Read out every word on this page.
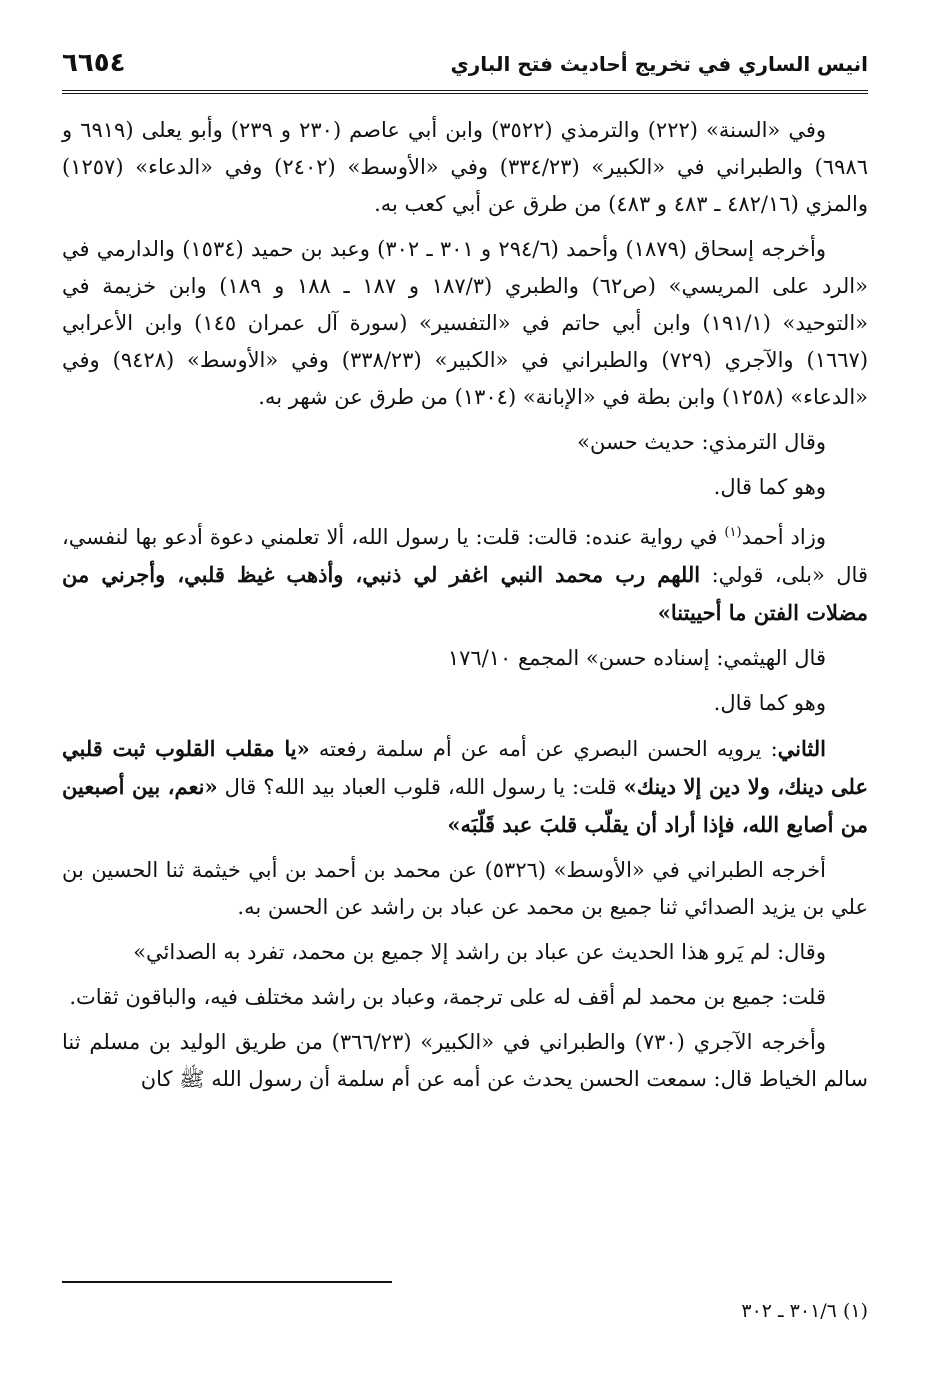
انيس الساري في تخريج أحاديث فتح الباري
٦٦٥٤

وفي «السنة» (٢٢٢) والترمذي (٣٥٢٢) وابن أبي عاصم (٢٣٠ و ٢٣٩) وأبو يعلى (٦٩١٩ و ٦٩٨٦) والطبراني في «الكبير» (٣٣٤/٢٣) وفي «الأوسط» (٢٤٠٢) وفي «الدعاء» (١٢٥٧) والمزي (٤٨٢/١٦ ـ ٤٨٣ و ٤٨٣) من طرق عن أبي كعب به.

وأخرجه إسحاق (١٨٧٩) وأحمد (٢٩٤/٦ و ٣٠١ ـ ٣٠٢) وعبد بن حميد (١٥٣٤) والدارمي في «الرد على المريسي» (ص٦٢) والطبري (١٨٧/٣ و ١٨٧ ـ ١٨٨ و ١٨٩) وابن خزيمة في «التوحيد» (١٩١/١) وابن أبي حاتم في «التفسير» (سورة آل عمران ١٤٥) وابن الأعرابي (١٦٦٧) والآجري (٧٢٩) والطبراني في «الكبير» (٣٣٨/٢٣) وفي «الأوسط» (٩٤٢٨) وفي «الدعاء» (١٢٥٨) وابن بطة في «الإبانة» (١٣٠٤) من طرق عن شهر به.

وقال الترمذي: حديث حسن»

وهو كما قال.

وزاد أحمد$^{(١)}$ في رواية عنده: قالت: قلت: يا رسول الله، ألا تعلمني دعوة أدعو بها لنفسي، قال «بلى، قولي: اللهم رب محمد النبي اغفر لي ذنبي، وأذهب غيظ قلبي، وأجرني من مضلات الفتن ما أحييتنا»

قال الهيثمي: إسناده حسن» المجمع ١٧٦/١٠

وهو كما قال.

الثاني: يرويه الحسن البصري عن أمه عن أم سلمة رفعته «يا مقلب القلوب ثبت قلبي على دينك، ولا دين إلا دينك» قلت: يا رسول الله، قلوب العباد بيد الله؟ قال «نعم، بين أصبعين من أصابع الله، فإذا أراد أن يقلّب قلبَ عبد قَلّبَه»

أخرجه الطبراني في «الأوسط» (٥٣٢٦) عن محمد بن أحمد بن أبي خيثمة ثنا الحسين بن علي بن يزيد الصدائي ثنا جميع بن محمد عن عباد بن راشد عن الحسن به.

وقال: لم يَرو هذا الحديث عن عباد بن راشد إلا جميع بن محمد، تفرد به الصدائي»

قلت: جميع بن محمد لم أقف له على ترجمة، وعباد بن راشد مختلف فيه، والباقون ثقات.

وأخرجه الآجري (٧٣٠) والطبراني في «الكبير» (٣٦٦/٢٣) من طريق الوليد بن مسلم ثنا سالم الخياط قال: سمعت الحسن يحدث عن أمه عن أم سلمة أن رسول الله ﷺ كان

(١) ٣٠١/٦ ـ ٣٠٢
